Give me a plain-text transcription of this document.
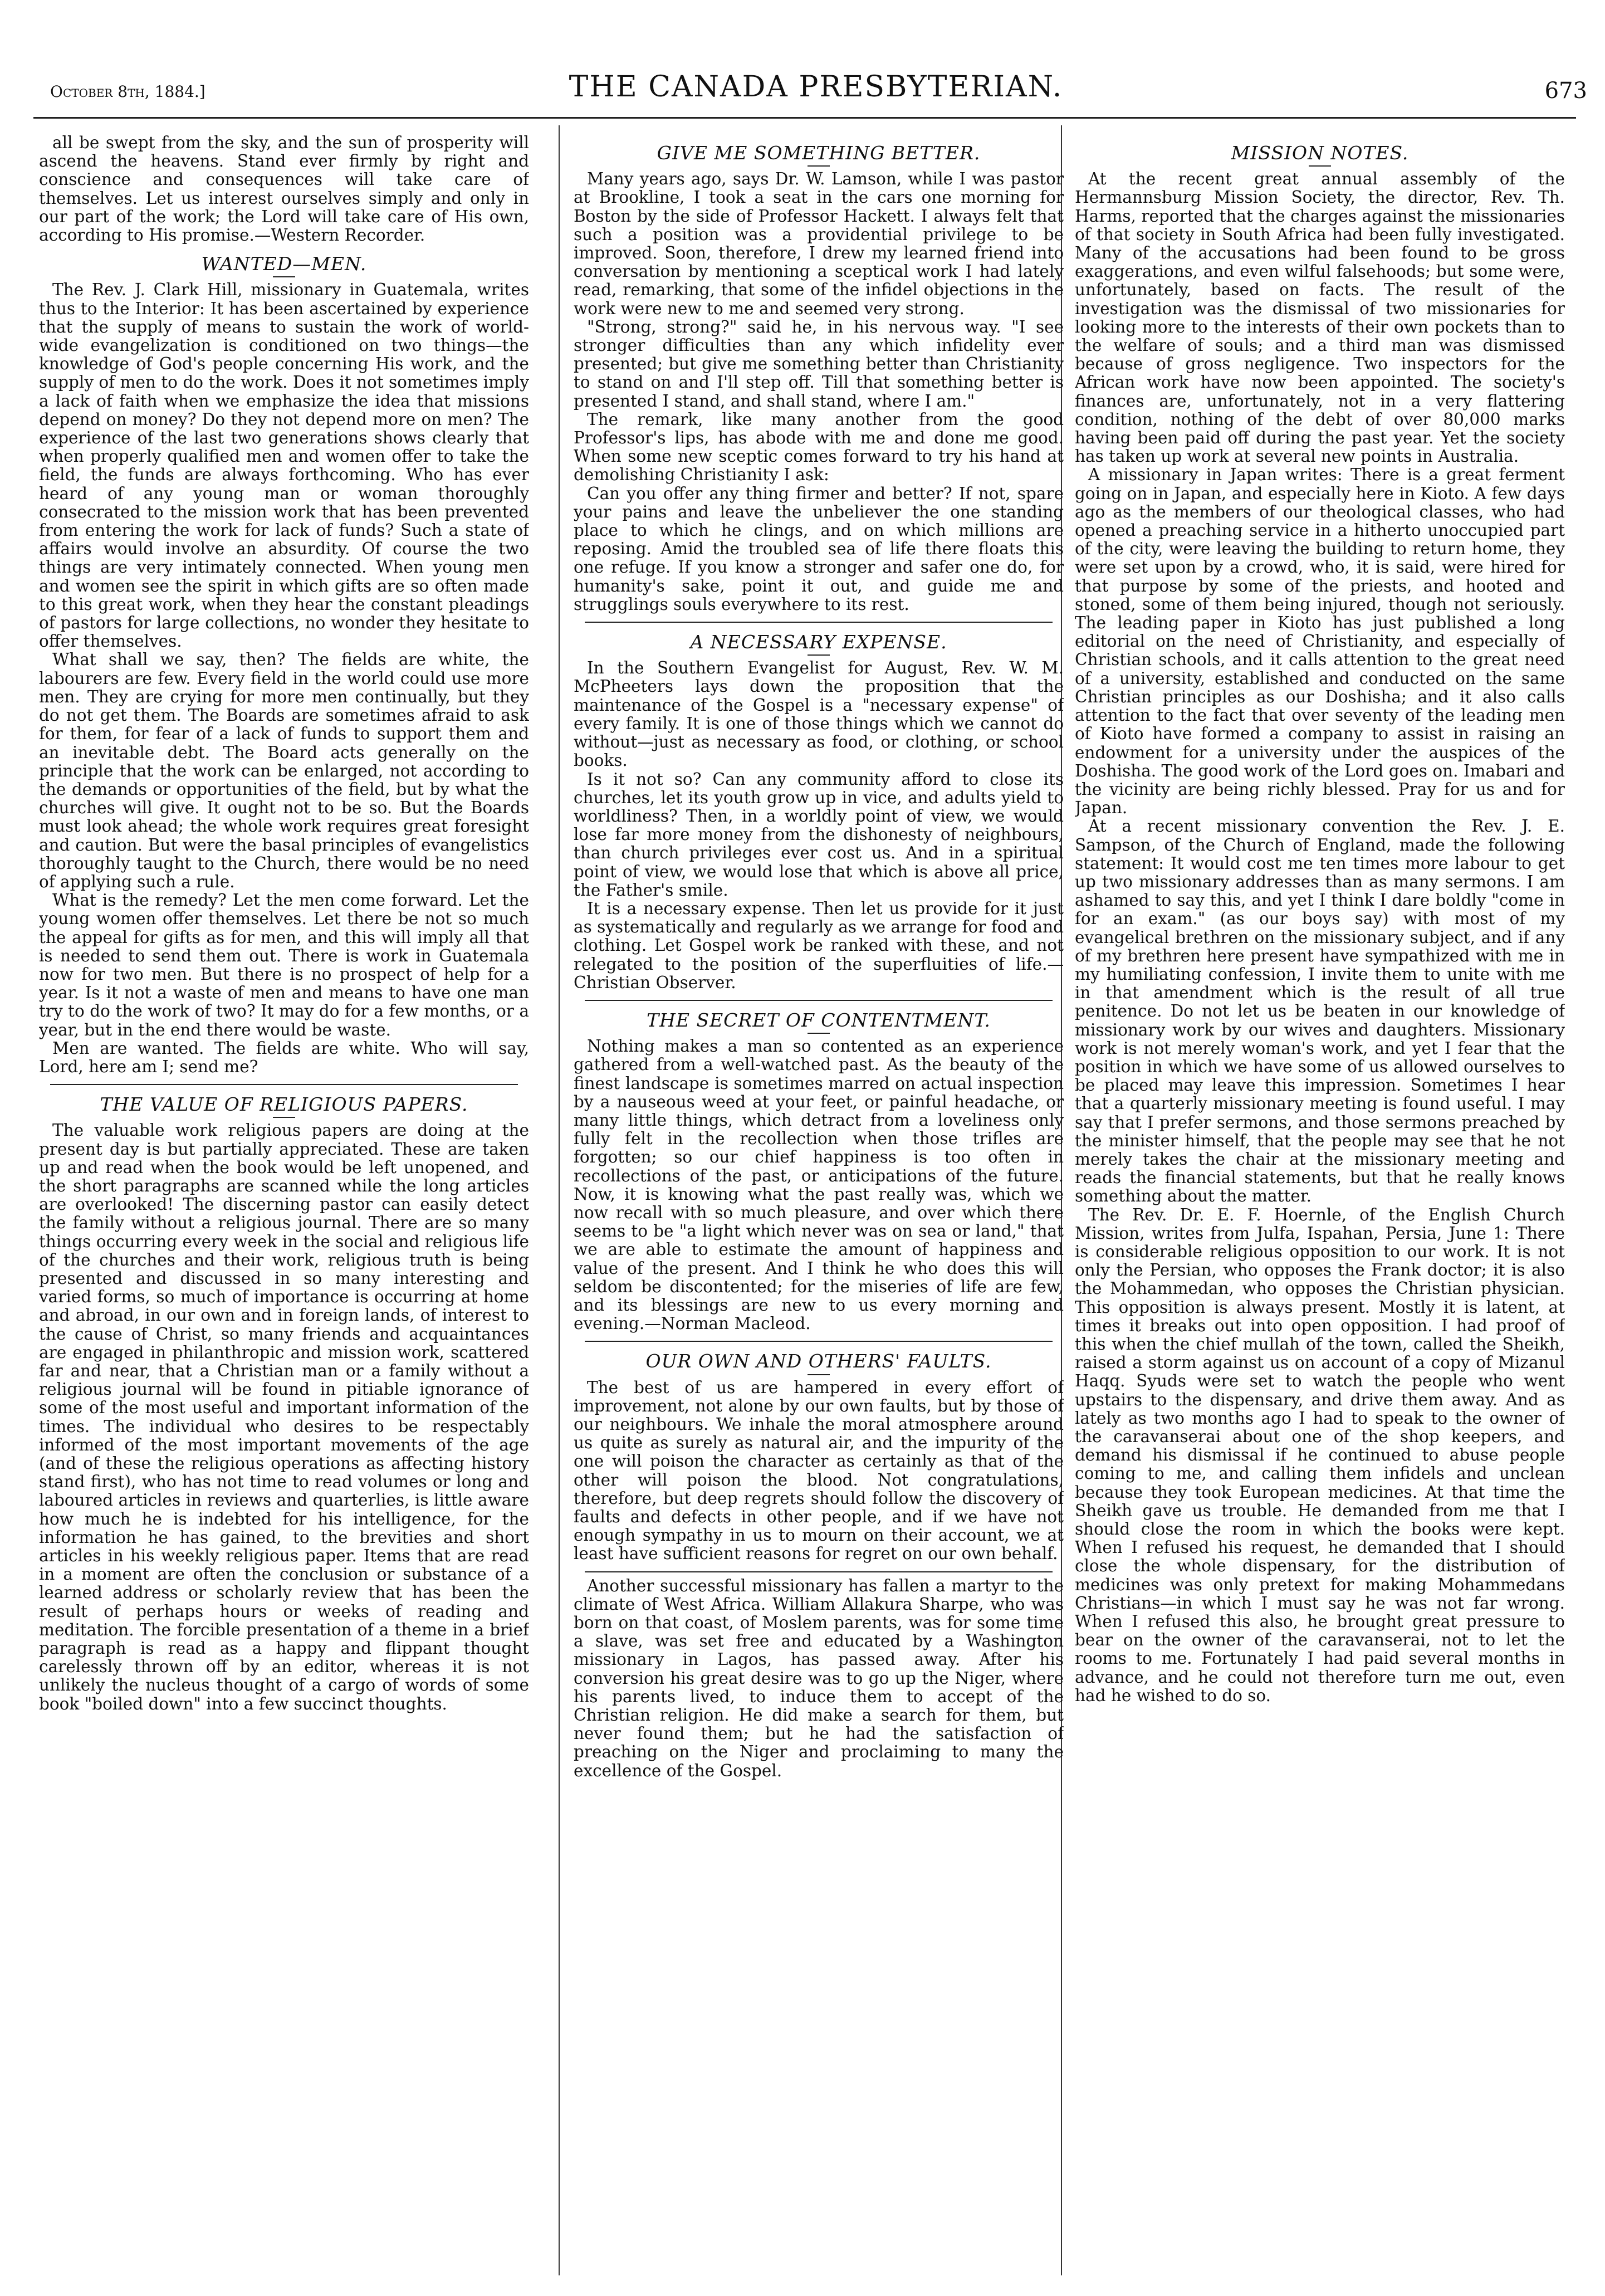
October 8th, 1884.]	THE CANADA PRESBYTERIAN.	673

all be swept from the sky, and the sun of prosperity will ascend the heavens. Stand ever firmly by right and conscience and consequences will take care of themselves. Let us interest ourselves simply and only in our part of the work; the Lord will take care of His own, according to His promise.—Western Recorder.

WANTED—MEN.

The Rev. J. Clark Hill, missionary in Guatemala, writes thus to the Interior: It has been ascertained by experience that the supply of means to sustain the work of world-wide evangelization is conditioned on two things—the knowledge of God's people concerning His work, and the supply of men to do the work. Does it not sometimes imply a lack of faith when we emphasize the idea that missions depend on money? Do they not depend more on men? The experience of the last two generations shows clearly that when properly qualified men and women offer to take the field, the funds are always forthcoming. Who has ever heard of any young man or woman thoroughly consecrated to the mission work that has been prevented from entering the work for lack of funds? Such a state of affairs would involve an absurdity. Of course the two things are very intimately connected. When young men and women see the spirit in which gifts are so often made to this great work, when they hear the constant pleadings of pastors for large collections, no wonder they hesitate to offer themselves.

What shall we say, then? The fields are white, the labourers are few. Every field in the world could use more men. They are crying for more men continually, but they do not get them. The Boards are sometimes afraid to ask for them, for fear of a lack of funds to support them and an inevitable debt. The Board acts generally on the principle that the work can be enlarged, not according to the demands or opportunities of the field, but by what the churches will give. It ought not to be so. But the Boards must look ahead; the whole work requires great foresight and caution. But were the basal principles of evangelistics thoroughly taught to the Church, there would be no need of applying such a rule.

What is the remedy? Let the men come forward. Let the young women offer themselves. Let there be not so much the appeal for gifts as for men, and this will imply all that is needed to send them out. There is work in Guatemala now for two men. But there is no prospect of help for a year. Is it not a waste of men and means to have one man try to do the work of two? It may do for a few months, or a year, but in the end there would be waste.

Men are wanted. The fields are white. Who will say, Lord, here am I; send me?

THE VALUE OF RELIGIOUS PAPERS.

The valuable work religious papers are doing at the present day is but partially appreciated. These are taken up and read when the book would be left unopened, and the short paragraphs are scanned while the long articles are overlooked! The discerning pastor can easily detect the family without a religious journal. There are so many things occurring every week in the social and religious life of the churches and their work, religious truth is being presented and discussed in so many interesting and varied forms, so much of importance is occurring at home and abroad, in our own and in foreign lands, of interest to the cause of Christ, so many friends and acquaintances are engaged in philanthropic and mission work, scattered far and near, that a Christian man or a family without a religious journal will be found in pitiable ignorance of some of the most useful and important information of the times. The individual who desires to be respectably informed of the most important movements of the age (and of these the religious operations as affecting history stand first), who has not time to read volumes or long and laboured articles in reviews and quarterlies, is little aware how much he is indebted for his intelligence, for the information he has gained, to the brevities and short articles in his weekly religious paper. Items that are read in a moment are often the conclusion or substance of a learned address or scholarly review that has been the result of perhaps hours or weeks of reading and meditation. The forcible presentation of a theme in a brief paragraph is read as a happy and flippant thought carelessly thrown off by an editor, whereas it is not unlikely the nucleus thought of a cargo of words of some book "boiled down" into a few succinct thoughts.

GIVE ME SOMETHING BETTER.

Many years ago, says Dr. W. Lamson, while I was pastor at Brookline, I took a seat in the cars one morning for Boston by the side of Professor Hackett. I always felt that such a position was a providential privilege to be improved. Soon, therefore, I drew my learned friend into conversation by mentioning a sceptical work I had lately read, remarking, that some of the infidel objections in the work were new to me and seemed very strong.

"Strong, strong?" said he, in his nervous way. "I see stronger difficulties than any which infidelity ever presented; but give me something better than Christianity to stand on and I'll step off. Till that something better is presented I stand, and shall stand, where I am."

The remark, like many another from the good Professor's lips, has abode with me and done me good. When some new sceptic comes forward to try his hand at demolishing Christianity I ask:

Can you offer any thing firmer and better? If not, spare your pains and leave the unbeliever the one standing place to which he clings, and on which millions are reposing. Amid the troubled sea of life there floats this one refuge. If you know a stronger and safer one do, for humanity's sake, point it out, and guide me and strugglings souls everywhere to its rest.

A NECESSARY EXPENSE.

In the Southern Evangelist for August, Rev. W. M. McPheeters lays down the proposition that the maintenance of the Gospel is a "necessary expense" of every family. It is one of those things which we cannot do without—just as necessary as food, or clothing, or school books.

Is it not so? Can any community afford to close its churches, let its youth grow up in vice, and adults yield to worldliness? Then, in a worldly point of view, we would lose far more money from the dishonesty of neighbours, than church privileges ever cost us. And in a spiritual point of view, we would lose that which is above all price, the Father's smile.

It is a necessary expense. Then let us provide for it just as systematically and regularly as we arrange for food and clothing. Let Gospel work be ranked with these, and not relegated to the position of the superfluities of life.—Christian Observer.

THE SECRET OF CONTENTMENT.

Nothing makes a man so contented as an experience gathered from a well-watched past. As the beauty of the finest landscape is sometimes marred on actual inspection by a nauseous weed at your feet, or painful headache, or many little things, which detract from a loveliness only fully felt in the recollection when those trifles are forgotten; so our chief happiness is too often in recollections of the past, or anticipations of the future. Now, it is knowing what the past really was, which we now recall with so much pleasure, and over which there seems to be "a light which never was on sea or land," that we are able to estimate the amount of happiness and value of the present. And I think he who does this will seldom be discontented; for the miseries of life are few, and its blessings are new to us every morning and evening.—Norman Macleod.

OUR OWN AND OTHERS' FAULTS.

The best of us are hampered in every effort of improvement, not alone by our own faults, but by those of our neighbours. We inhale the moral atmosphere around us quite as surely as natural air, and the impurity of the one will poison the character as certainly as that of the other will poison the blood. Not congratulations, therefore, but deep regrets should follow the discovery of faults and defects in other people, and if we have not enough sympathy in us to mourn on their account, we at least have sufficient reasons for regret on our own behalf.

Another successful missionary has fallen a martyr to the climate of West Africa. William Allakura Sharpe, who was born on that coast, of Moslem parents, was for some time a slave, was set free and educated by a Washington missionary in Lagos, has passed away. After his conversion his great desire was to go up the Niger, where his parents lived, to induce them to accept of the Christian religion. He did make a search for them, but never found them; but he had the satisfaction of preaching on the Niger and proclaiming to many the excellence of the Gospel.

MISSION NOTES.

At the recent great annual assembly of the Hermannsburg Mission Society, the director, Rev. Th. Harms, reported that the charges against the missionaries of that society in South Africa had been fully investigated. Many of the accusations had been found to be gross exaggerations, and even wilful falsehoods; but some were, unfortunately, based on facts. The result of the investigation was the dismissal of two missionaries for looking more to the interests of their own pockets than to the welfare of souls; and a third man was dismissed because of gross negligence. Two inspectors for the African work have now been appointed. The society's finances are, unfortunately, not in a very flattering condition, nothing of the debt of over 80,000 marks having been paid off during the past year. Yet the society has taken up work at several new points in Australia.

A missionary in Japan writes: There is a great ferment going on in Japan, and especially here in Kioto. A few days ago as the members of our theological classes, who had opened a preaching service in a hitherto unoccupied part of the city, were leaving the building to return home, they were set upon by a crowd, who, it is said, were hired for that purpose by some of the priests, and hooted and stoned, some of them being injured, though not seriously. The leading paper in Kioto has just published a long editorial on the need of Christianity, and especially of Christian schools, and it calls attention to the great need of a university, established and conducted on the same Christian principles as our Doshisha; and it also calls attention to the fact that over seventy of the leading men of Kioto have formed a company to assist in raising an endowment for a university under the auspices of the Doshisha. The good work of the Lord goes on. Imabari and the vicinity are being richly blessed. Pray for us and for Japan.

At a recent missionary convention the Rev. J. E. Sampson, of the Church of England, made the following statement: It would cost me ten times more labour to get up two missionary addresses than as many sermons. I am ashamed to say this, and yet I think I dare boldly "come in for an exam." (as our boys say) with most of my evangelical brethren on the missionary subject, and if any of my brethren here present have sympathized with me in my humiliating confession, I invite them to unite with me in that amendment which is the result of all true penitence. Do not let us be beaten in our knowledge of missionary work by our wives and daughters. Missionary work is not merely woman's work, and yet I fear that the position in which we have some of us allowed ourselves to be placed may leave this impression. Sometimes I hear that a quarterly missionary meeting is found useful. I may say that I prefer sermons, and those sermons preached by the minister himself, that the people may see that he not merely takes the chair at the missionary meeting and reads the financial statements, but that he really knows something about the matter.

The Rev. Dr. E. F. Hoernle, of the English Church Mission, writes from Julfa, Ispahan, Persia, June 1: There is considerable religious opposition to our work. It is not only the Persian, who opposes the Frank doctor; it is also the Mohammedan, who opposes the Christian physician. This opposition is always present. Mostly it is latent, at times it breaks out into open opposition. I had proof of this when the chief mullah of the town, called the Sheikh, raised a storm against us on account of a copy of Mizanul Haqq. Syuds were set to watch the people who went upstairs to the dispensary, and drive them away. And as lately as two months ago I had to speak to the owner of the caravanserai about one of the shop keepers, and demand his dismissal if he continued to abuse people coming to me, and calling them infidels and unclean because they took European medicines. At that time the Sheikh gave us trouble. He demanded from me that I should close the room in which the books were kept. When I refused his request, he demanded that I should close the whole dispensary, for the distribution of medicines was only pretext for making Mohammedans Christians—in which I must say he was not far wrong. When I refused this also, he brought great pressure to bear on the owner of the caravanserai, not to let the rooms to me. Fortunately I had paid several months in advance, and he could not therefore turn me out, even had he wished to do so.
